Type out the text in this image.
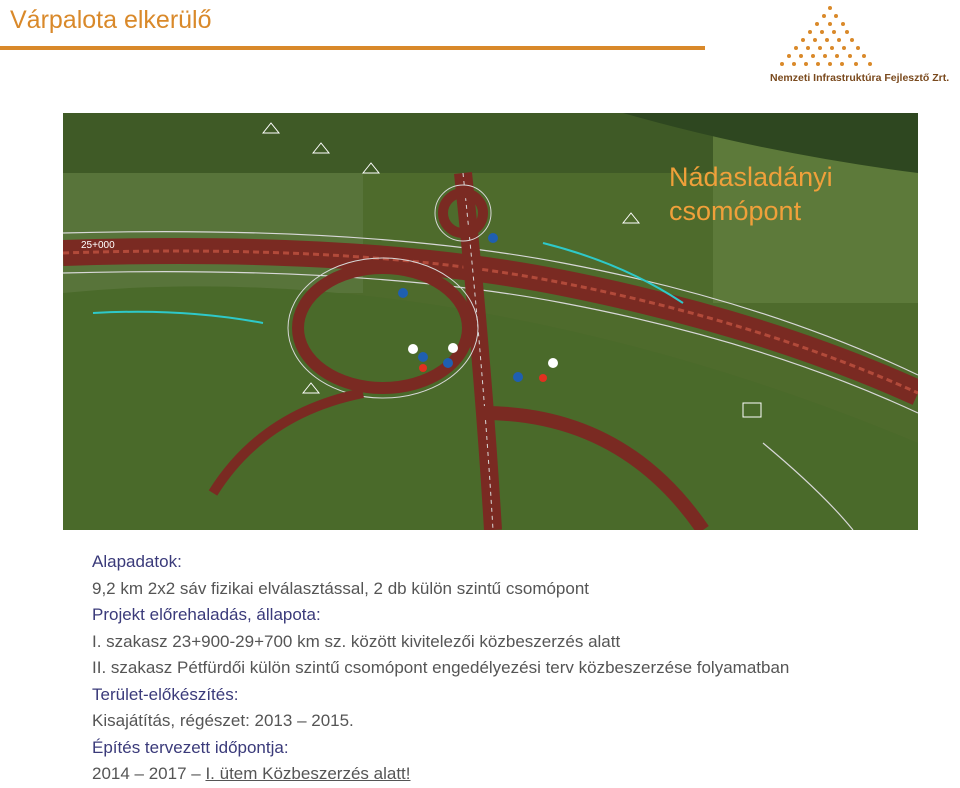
Várpalota elkerülő
Nemzeti Infrastruktúra Fejlesztő Zrt.
Nádasladányi
csomópont
25+000
Alapadatok:
9,2 km 2x2 sáv fizikai elválasztással, 2 db külön szintű csomópont
Projekt előrehaladás, állapota:
I. szakasz 23+900-29+700 km sz. között kivitelezői közbeszerzés alatt
II. szakasz Pétfürdői külön szintű csomópont engedélyezési terv közbeszerzése folyamatban
Terület-előkészítés:
Kisajátítás, régészet: 2013 – 2015.
Építés tervezett időpontja:
2014 – 2017 – I. ütem Közbeszerzés alatt!
